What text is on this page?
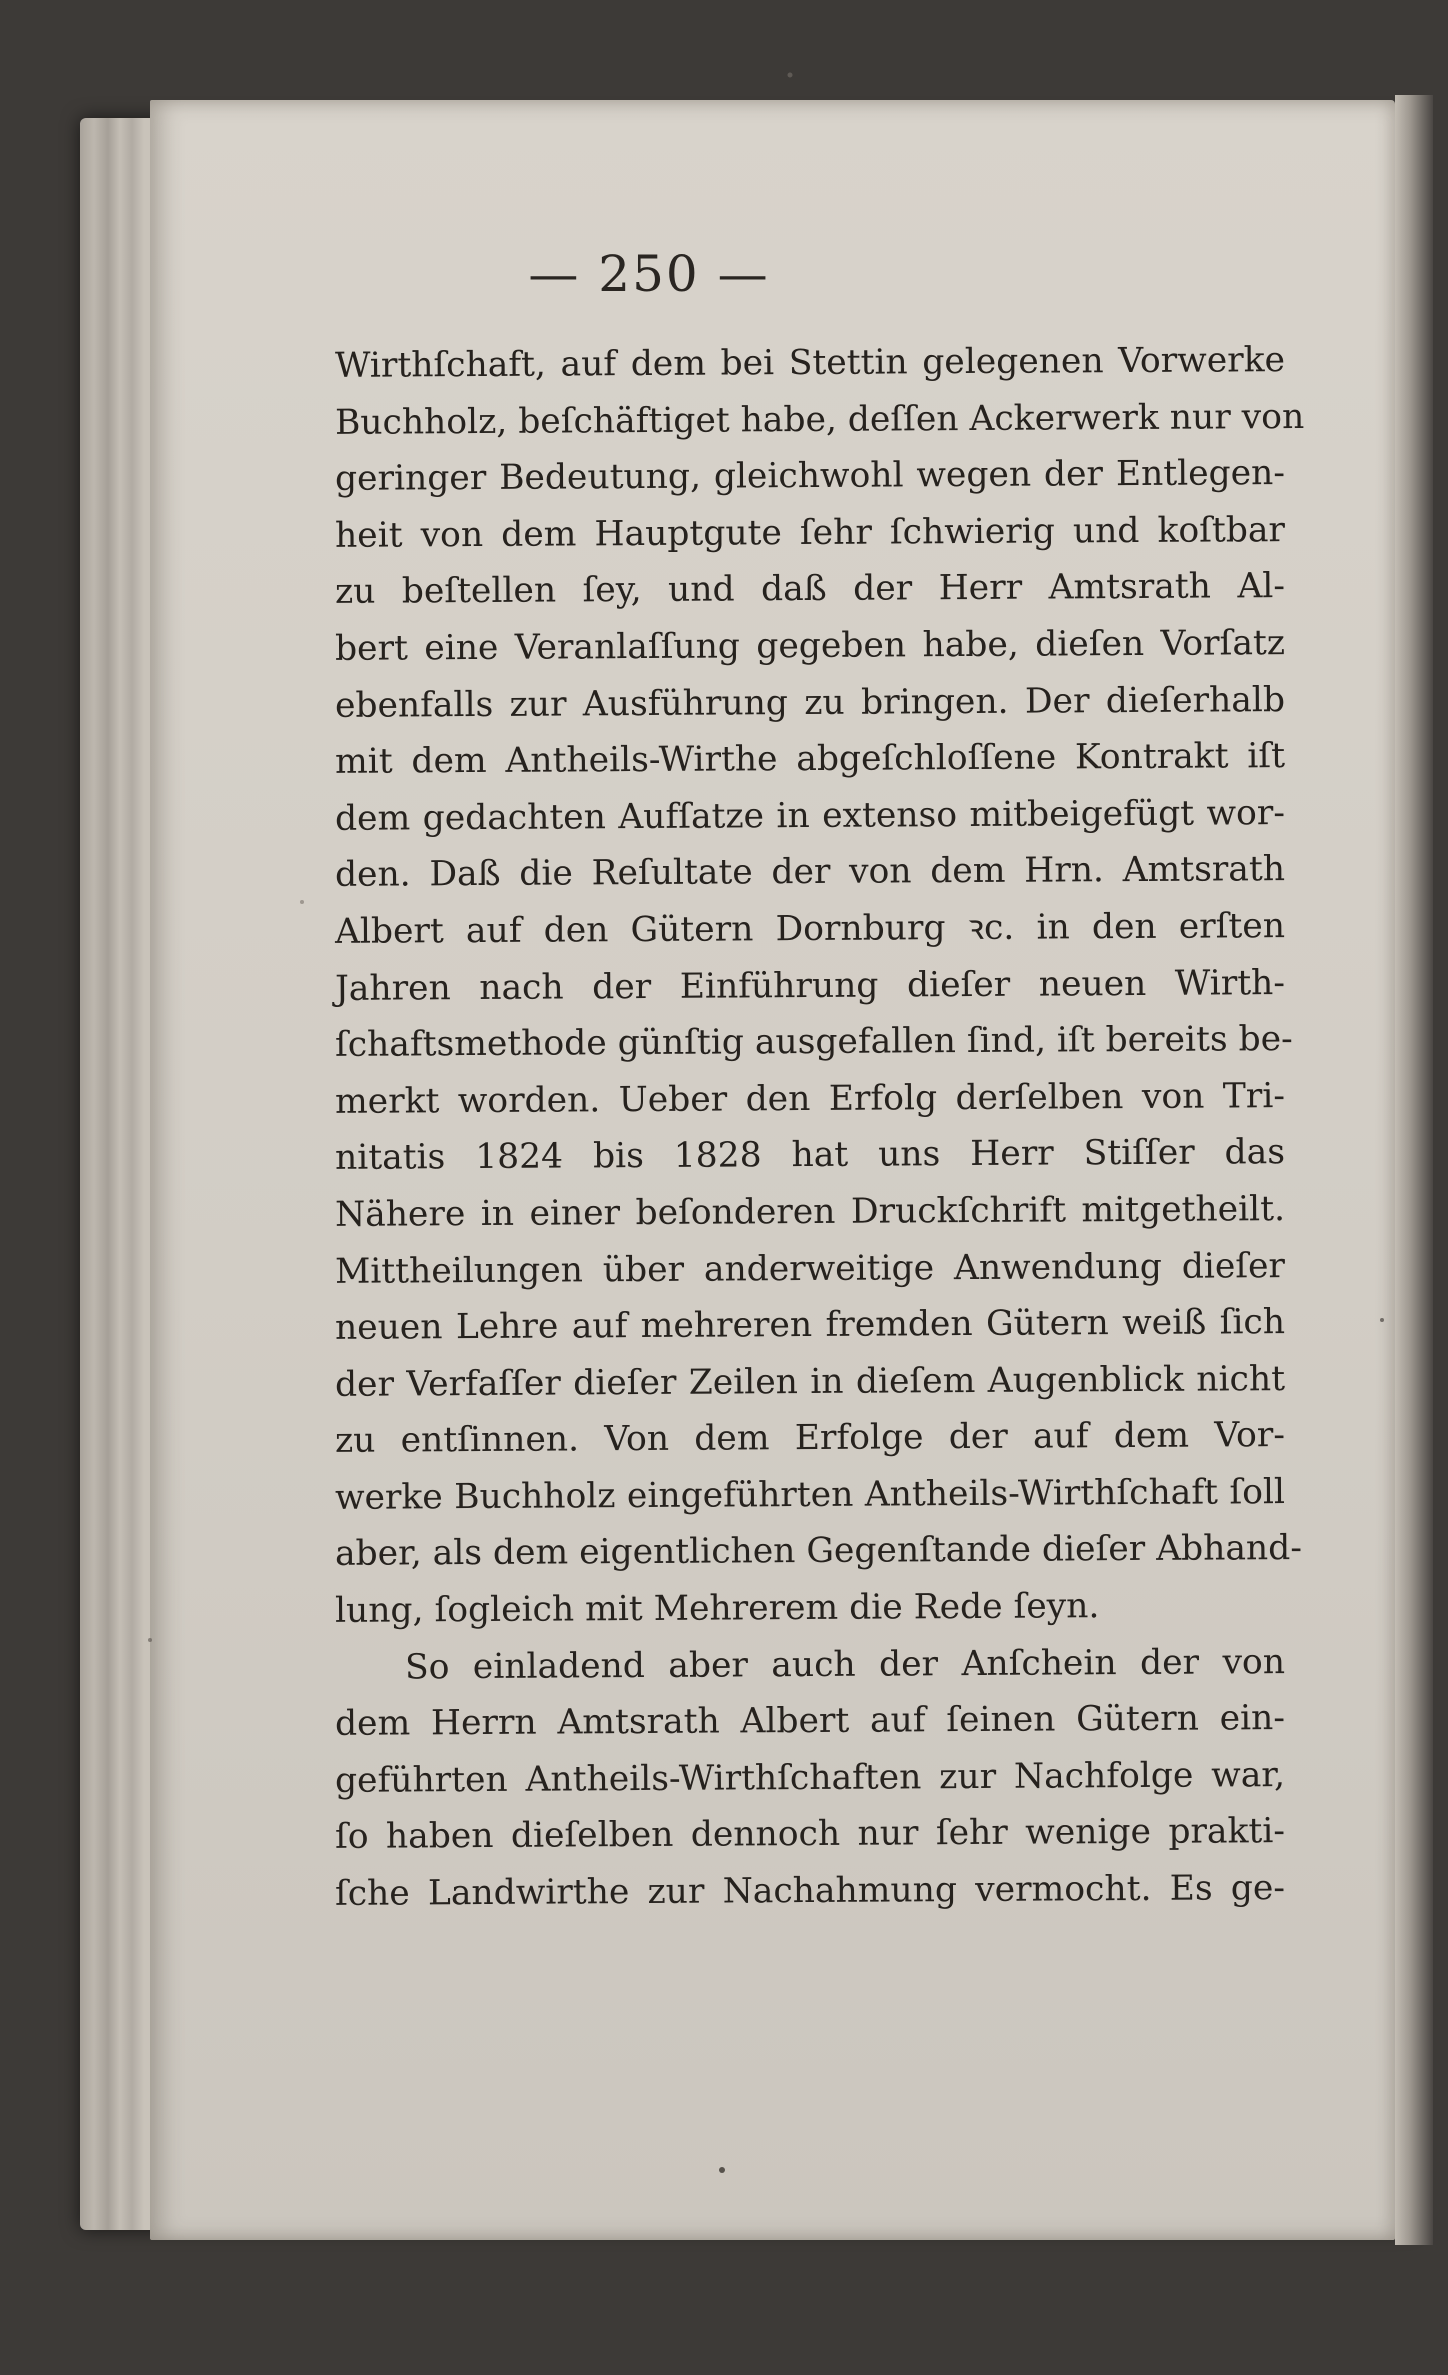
— 250 —
Wirthſchaft, auf dem bei Stettin gelegenen Vorwerke
Buchholz, beſchäftiget habe, deſſen Ackerwerk nur von
geringer Bedeutung, gleichwohl wegen der Entlegen-
heit von dem Hauptgute ſehr ſchwierig und koſtbar
zu beſtellen ſey, und daß der Herr Amtsrath Al-
bert eine Veranlaſſung gegeben habe, dieſen Vorſatz
ebenfalls zur Ausführung zu bringen. Der dieſerhalb
mit dem Antheils-Wirthe abgeſchloſſene Kontrakt iſt
dem gedachten Aufſatze in extenso mitbeigefügt wor-
den. Daß die Reſultate der von dem Hrn. Amtsrath
Albert auf den Gütern Dornburg ꝛc. in den erſten
Jahren nach der Einführung dieſer neuen Wirth-
ſchaftsmethode günſtig ausgefallen ſind, iſt bereits be-
merkt worden. Ueber den Erfolg derſelben von Tri-
nitatis 1824 bis 1828 hat uns Herr Stiſſer das
Nähere in einer beſonderen Druckſchrift mitgetheilt.
Mittheilungen über anderweitige Anwendung dieſer
neuen Lehre auf mehreren fremden Gütern weiß ſich
der Verfaſſer dieſer Zeilen in dieſem Augenblick nicht
zu entſinnen. Von dem Erfolge der auf dem Vor-
werke Buchholz eingeführten Antheils-Wirthſchaft ſoll
aber, als dem eigentlichen Gegenſtande dieſer Abhand-
lung, ſogleich mit Mehrerem die Rede ſeyn.
So einladend aber auch der Anſchein der von
dem Herrn Amtsrath Albert auf ſeinen Gütern ein-
geführten Antheils-Wirthſchaften zur Nachfolge war,
ſo haben dieſelben dennoch nur ſehr wenige prakti-
ſche Landwirthe zur Nachahmung vermocht. Es ge-
